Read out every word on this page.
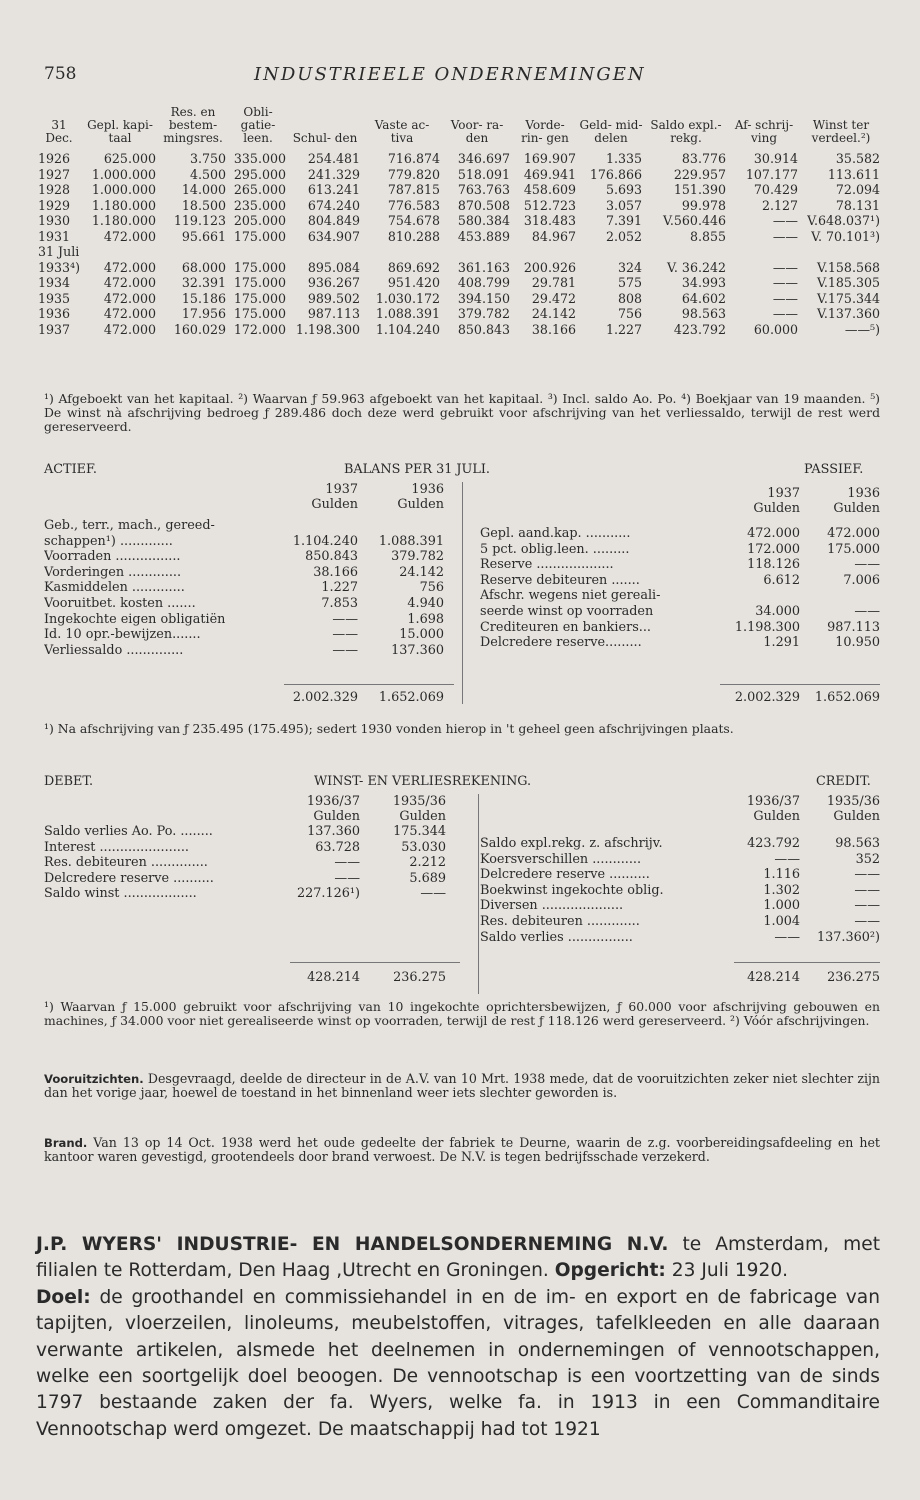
758	INDUSTRIEELE ONDERNEMINGEN
31 Dec.	Gepl. kapi- taal	Res. en bestem- mingsres.	Obli- gatie- leen.	Schul- den	Vaste ac- tiva	Voor- ra- den	Vorde- rin- gen	Geld- mid- delen	Saldo expl.- rekg.	Af- schrij- ving	Winst ter verdeel.²)
1926	625.000	3.750	335.000	254.481	716.874	346.697	169.907	1.335	83.776	30.914	35.582
1927	1.000.000	4.500	295.000	241.329	779.820	518.091	469.941	176.866	229.957	107.177	113.611
1928	1.000.000	14.000	265.000	613.241	787.815	763.763	458.609	5.693	151.390	70.429	72.094
1929	1.180.000	18.500	235.000	674.240	776.583	870.508	512.723	3.057	99.978	2.127	78.131
1930	1.180.000	119.123	205.000	804.849	754.678	580.384	318.483	7.391	V.560.446	——	V.648.037¹)
1931	472.000	95.661	175.000	634.907	810.288	453.889	84.967	2.052	8.855	——	V. 70.101³)
31 Juli											
1933⁴)	472.000	68.000	175.000	895.084	869.692	361.163	200.926	324	V. 36.242	——	V.158.568
1934	472.000	32.391	175.000	936.267	951.420	408.799	29.781	575	34.993	——	V.185.305
1935	472.000	15.186	175.000	989.502	1.030.172	394.150	29.472	808	64.602	——	V.175.344
1936	472.000	17.956	175.000	987.113	1.088.391	379.782	24.142	756	98.563	——	V.137.360
1937	472.000	160.029	172.000	1.198.300	1.104.240	850.843	38.166	1.227	423.792	60.000	——⁵)
¹) Afgeboekt van het kapitaal. ²) Waarvan ƒ 59.963 afgeboekt van het kapitaal. ³) Incl. saldo Ao. Po. ⁴) Boekjaar van 19 maanden. ⁵) De winst nà afschrijving bedroeg ƒ 289.486 doch deze werd gebruikt voor afschrijving van het verliessaldo, terwijl de rest werd gereserveerd.
ACTIEF.	BALANS PER 31 JULI.	PASSIEF.
1937	1936
Gulden	Gulden
Geb., terr., mach., gereed-
schappen¹) .............	1.104.240	1.088.391
Voorraden ................	850.843	379.782
Vorderingen .............	38.166	24.142
Kasmiddelen .............	1.227	756
Vooruitbet. kosten .......	7.853	4.940
Ingekochte eigen obligatiën	——	1.698
Id. 10 opr.-bewijzen.......	——	15.000
Verliessaldo ..............	——	137.360
1937	1936
Gulden	Gulden
Gepl. aand.kap. ...........	472.000	472.000
5 pct. oblig.leen. .........	172.000	175.000
Reserve ...................	118.126	——
Reserve debiteuren .......	6.612	7.006
Afschr. wegens niet gereali-
seerde winst op voorraden	34.000	——
Crediteuren en bankiers...	1.198.300	987.113
Delcredere reserve.........	1.291	10.950
2.002.329	1.652.069	2.002.329	1.652.069
¹) Na afschrijving van ƒ 235.495 (175.495); sedert 1930 vonden hierop in 't geheel geen afschrijvingen plaats.
DEBET.	WINST- EN VERLIESREKENING.	CREDIT.
1936/37	1935/36
Gulden	Gulden
Saldo verlies Ao. Po. ........	137.360	175.344
Interest ......................	63.728	53.030
Res. debiteuren ..............	——	2.212
Delcredere reserve ..........	——	5.689
Saldo winst ..................	227.126¹)	——
1936/37	1935/36
Gulden	Gulden
Saldo expl.rekg. z. afschrijv.	423.792	98.563
Koersverschillen ............	——	352
Delcredere reserve ..........	1.116	——
Boekwinst ingekochte oblig.	1.302	——
Diversen ....................	1.000	——
Res. debiteuren .............	1.004	——
Saldo verlies ................	——	137.360²)
428.214	236.275	428.214	236.275
¹) Waarvan ƒ 15.000 gebruikt voor afschrijving van 10 ingekochte oprichtersbewijzen, ƒ 60.000 voor afschrijving gebouwen en machines, ƒ 34.000 voor niet gerealiseerde winst op voorraden, terwijl de rest ƒ 118.126 werd gereserveerd. ²) Vóór afschrijvingen.
Vooruitzichten. Desgevraagd, deelde de directeur in de A.V. van 10 Mrt. 1938 mede, dat de vooruitzichten zeker niet slechter zijn dan het vorige jaar, hoewel de toestand in het binnenland weer iets slechter geworden is.
Brand. Van 13 op 14 Oct. 1938 werd het oude gedeelte der fabriek te Deurne, waarin de z.g. voorbereidingsafdeeling en het kantoor waren gevestigd, grootendeels door brand verwoest. De N.V. is tegen bedrijfsschade verzekerd.
J.P. WYERS' INDUSTRIE- EN HANDELSONDERNEMING N.V. te Amsterdam, met filialen te Rotterdam, Den Haag ,Utrecht en Groningen. Opgericht: 23 Juli 1920.
Doel: de groothandel en commissiehandel in en de im- en export en de fabricage van tapijten, vloerzeilen, linoleums, meubelstoffen, vitrages, tafelkleeden en alle daaraan verwante artikelen, alsmede het deelnemen in ondernemingen of vennootschappen, welke een soortgelijk doel beoogen. De vennootschap is een voortzetting van de sinds 1797 bestaande zaken der fa. Wyers, welke fa. in 1913 in een Commanditaire Vennootschap werd omgezet. De maatschappij had tot 1921
